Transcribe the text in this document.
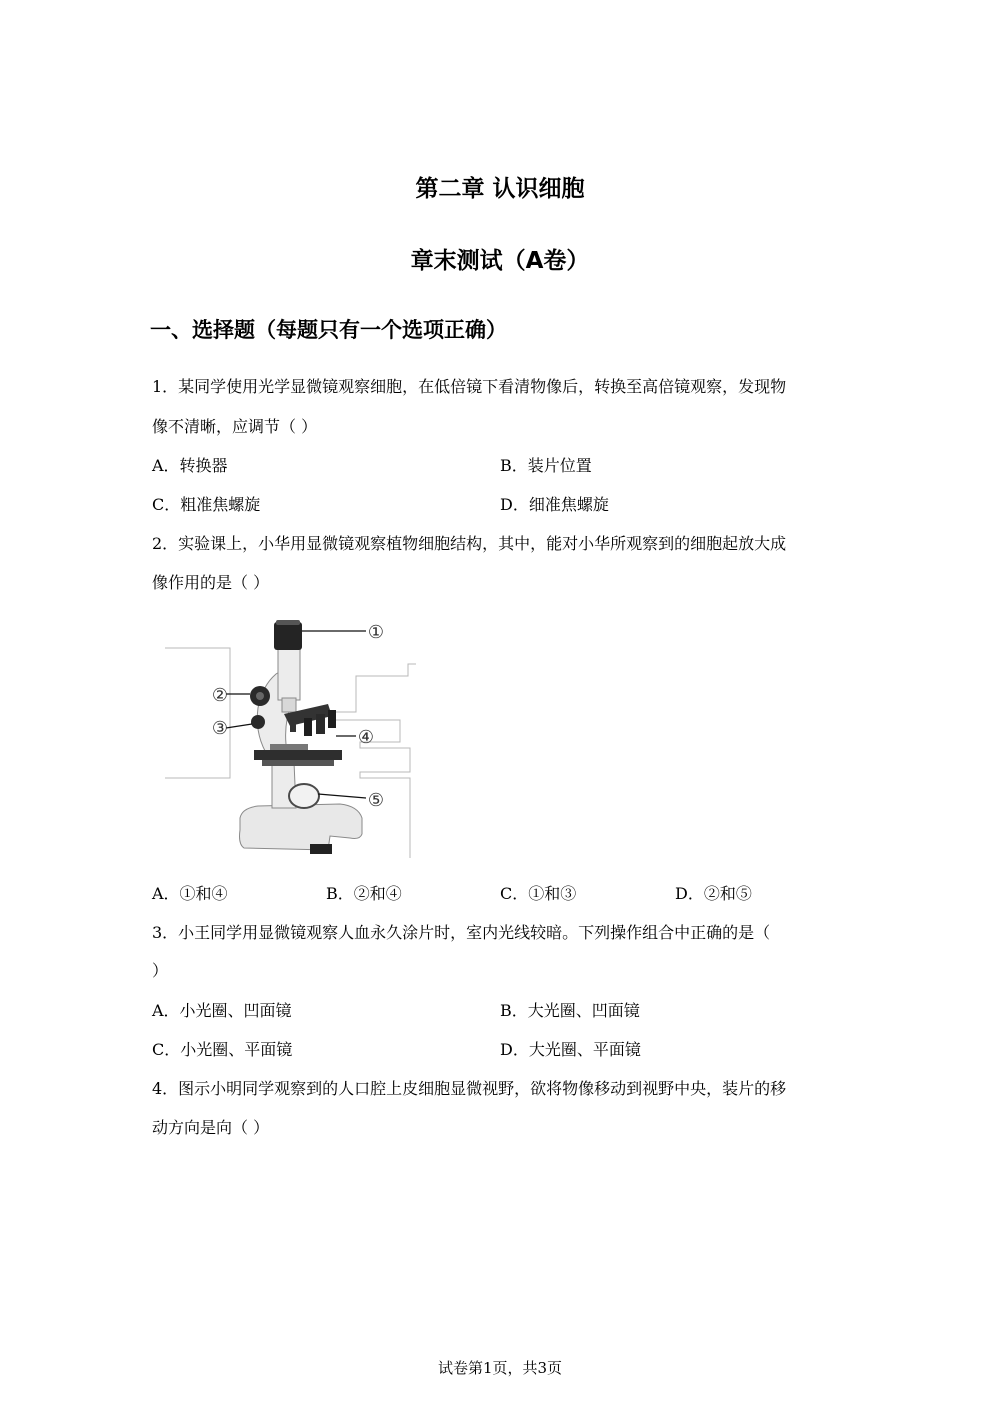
第二章 认识细胞
章末测试（A卷）
一、选择题（每题只有一个选项正确）
1．某同学使用光学显微镜观察细胞，在低倍镜下看清物像后，转换至高倍镜观察，发现物
像不清晰，应调节（ ）
A．转换器	B．装片位置
C．粗准焦螺旋	D．细准焦螺旋
2．实验课上，小华用显微镜观察植物细胞结构，其中，能对小华所观察到的细胞起放大成
像作用的是（ ）
①
②
③	④
⑤
A．①和④	B．②和④	C．①和③	D．②和⑤
3．小王同学用显微镜观察人血永久涂片时，室内光线较暗。下列操作组合中正确的是（
）
A．小光圈、凹面镜	B．大光圈、凹面镜
C．小光圈、平面镜	D．大光圈、平面镜
4．图示小明同学观察到的人口腔上皮细胞显微视野，欲将物像移动到视野中央，装片的移
动方向是向（ ）
试卷第1页，共3页
